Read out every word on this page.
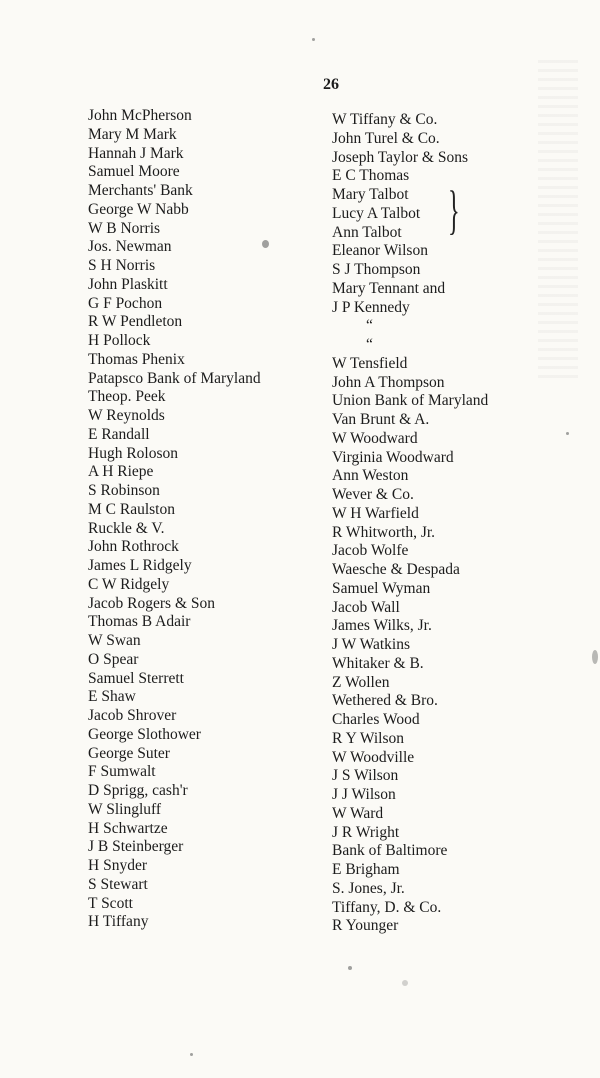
26
John McPherson
Mary M Mark
Hannah J Mark
Samuel Moore
Merchants' Bank
George W Nabb
W B Norris
Jos. Newman
S H Norris
John Plaskitt
G F Pochon
R W Pendleton
H Pollock
Thomas Phenix
Patapsco Bank of Maryland
Theop. Peek
W Reynolds
E Randall
Hugh Roloson
A H Riepe
S Robinson
M C Raulston
Ruckle & V.
John Rothrock
James L Ridgely
C W Ridgely
Jacob Rogers & Son
Thomas B Adair
W Swan
O Spear
Samuel Sterrett
E Shaw
Jacob Shrover
George Slothower
George Suter
F Sumwalt
D Sprigg, cash'r
W Slingluff
H Schwartze
J B Steinberger
H Snyder
S Stewart
T Scott
H Tiffany
W Tiffany & Co.
John Turel & Co.
Joseph Taylor & Sons
E C Thomas
Mary Talbot
Lucy A Talbot
Ann Talbot
Eleanor Wilson
S J Thompson
Mary Tennant and
J P Kennedy
“
“
W Tensfield
John A Thompson
Union Bank of Maryland
Van Brunt & A.
W Woodward
Virginia Woodward
Ann Weston
Wever & Co.
W H Warfield
R Whitworth, Jr.
Jacob Wolfe
Waesche & Despada
Samuel Wyman
Jacob Wall
James Wilks, Jr.
J W Watkins
Whitaker & B.
Z Wollen
Wethered & Bro.
Charles Wood
R Y Wilson
W Woodville
J S Wilson
J J Wilson
W Ward
J R Wright
Bank of Baltimore
E Brigham
S. Jones, Jr.
Tiffany, D. & Co.
R Younger
}
